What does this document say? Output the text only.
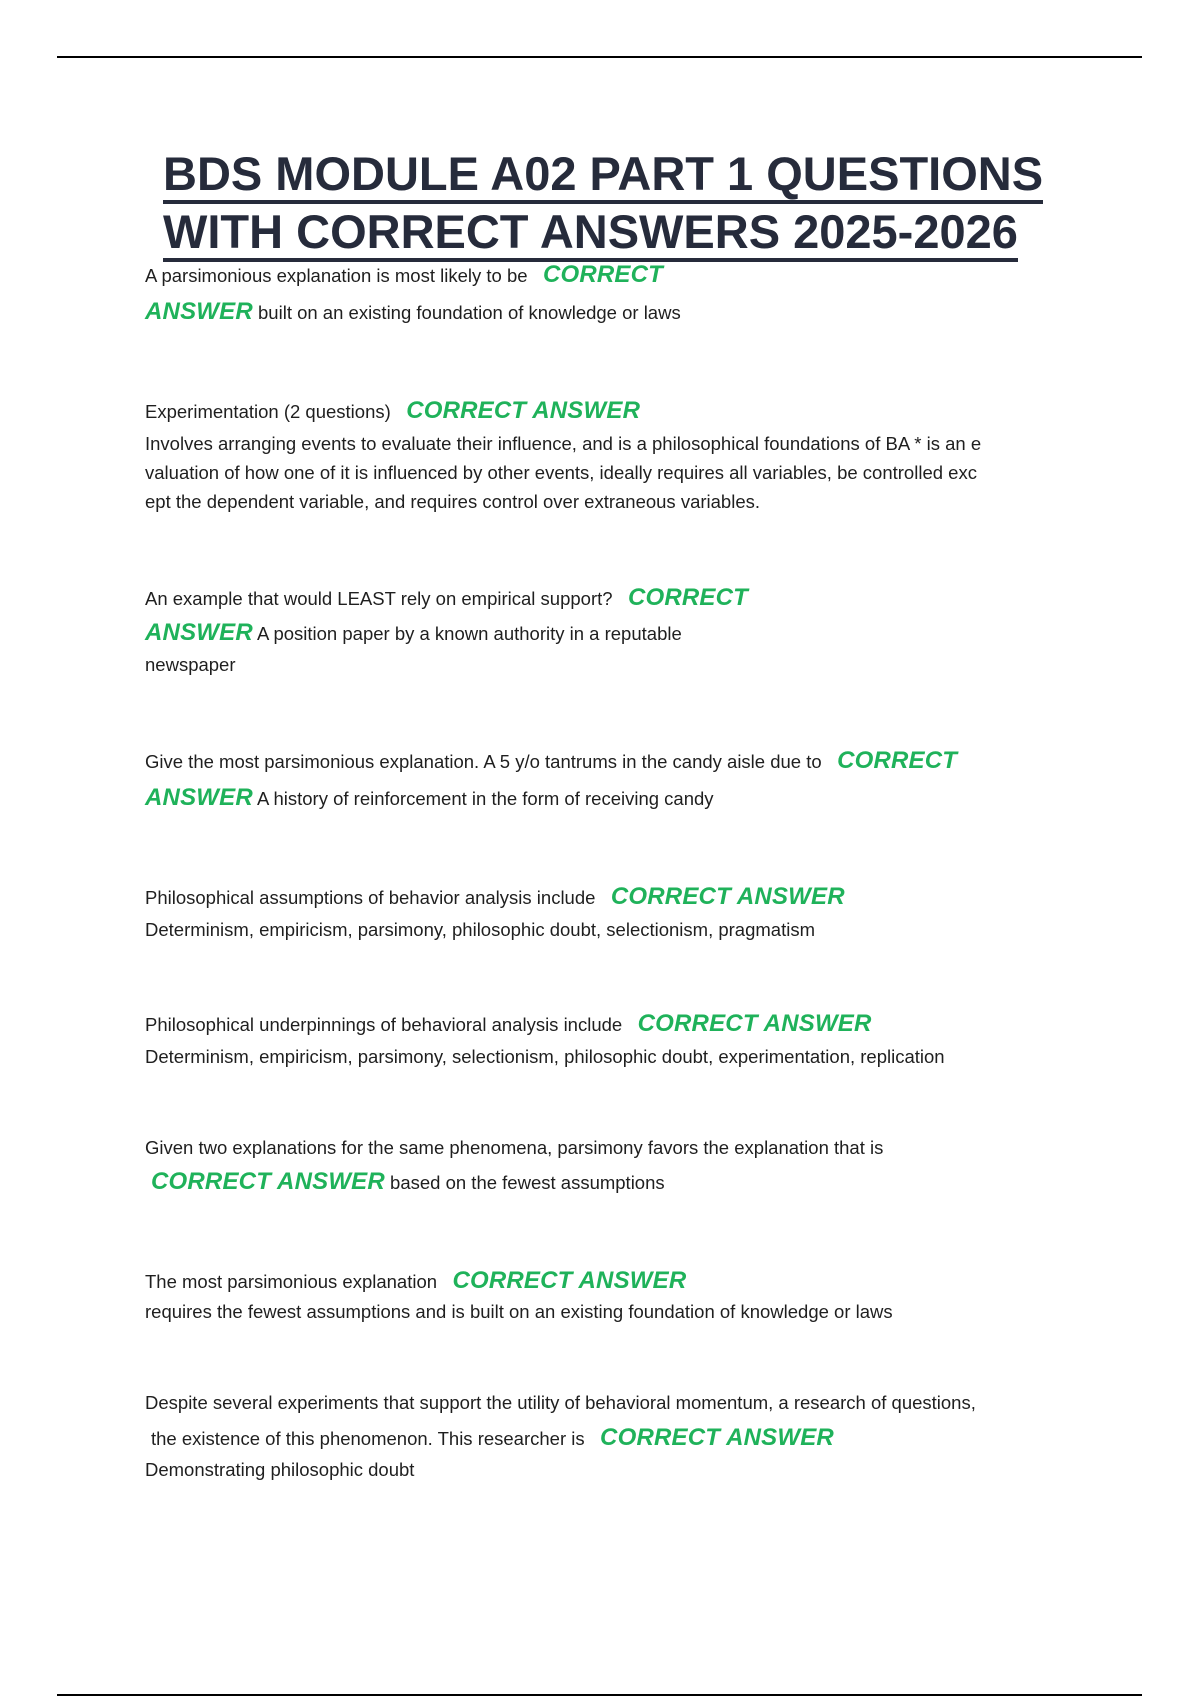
BDS MODULE A02 PART 1 QUESTIONS
WITH CORRECT ANSWERS 2025-2026
A parsimonious explanation is most likely to be CORRECT
ANSWER built on an existing foundation of knowledge or laws
Experimentation (2 questions) CORRECT ANSWER
Involves arranging events to evaluate their influence, and is a philosophical foundations of BA * is an e
valuation of how one of it is influenced by other events, ideally requires all variables, be controlled exc
ept the dependent variable, and requires control over extraneous variables.
An example that would LEAST rely on empirical support? CORRECT
ANSWER A position paper by a known authority in a reputable
newspaper
Give the most parsimonious explanation. A 5 y/o tantrums in the candy aisle due to CORRECT
ANSWER A history of reinforcement in the form of receiving candy
Philosophical assumptions of behavior analysis include CORRECT ANSWER
Determinism, empiricism, parsimony, philosophic doubt, selectionism, pragmatism
Philosophical underpinnings of behavioral analysis include CORRECT ANSWER
Determinism, empiricism, parsimony, selectionism, philosophic doubt, experimentation, replication
Given two explanations for the same phenomena, parsimony favors the explanation that is
CORRECT ANSWER based on the fewest assumptions
The most parsimonious explanation CORRECT ANSWER
requires the fewest assumptions and is built on an existing foundation of knowledge or laws
Despite several experiments that support the utility of behavioral momentum, a research of questions,
the existence of this phenomenon. This researcher is CORRECT ANSWER
Demonstrating philosophic doubt
